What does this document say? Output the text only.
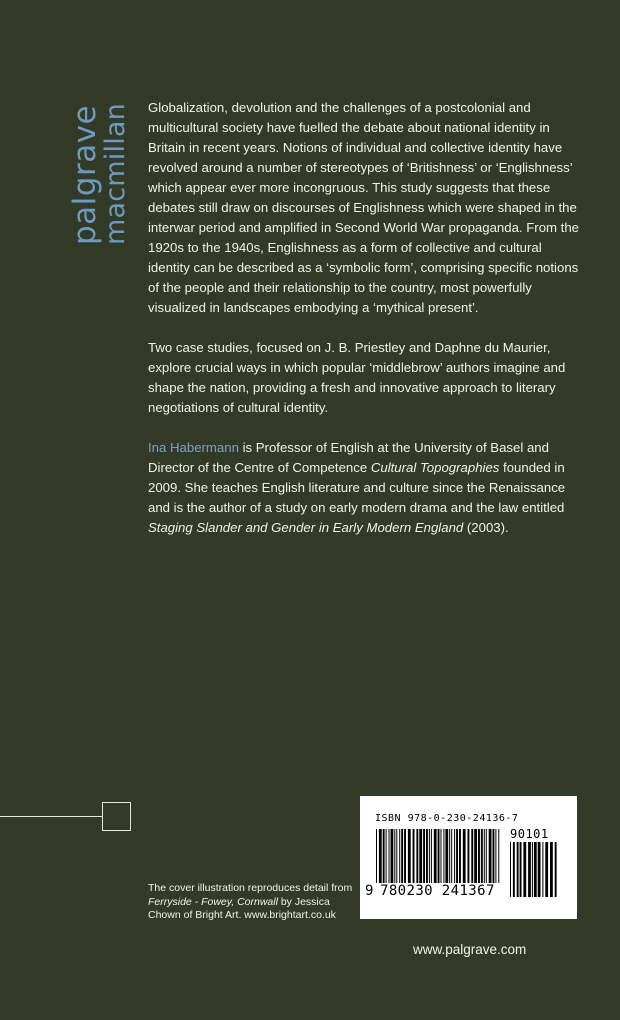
palgrave
macmillan Globalization, devolution and the challenges of a postcolonial and multicultural society have fuelled the debate about national identity in Britain in recent years. Notions of individual and collective identity have revolved around a number of stereotypes of ‘Britishness’ or ‘Englishness’ which appear ever more incongruous. This study suggests that these debates still draw on discourses of Englishness which were shaped in the interwar period and amplified in Second World War propaganda. From the 1920s to the 1940s, Englishness as a form of collective and cultural identity can be described as a ‘symbolic form’, comprising specific notions of the people and their relationship to the country, most powerfully visualized in landscapes embodying a ‘mythical present’.

Two case studies, focused on J. B. Priestley and Daphne du Maurier, explore crucial ways in which popular ‘middlebrow’ authors imagine and shape the nation, providing a fresh and innovative approach to literary negotiations of cultural identity.

Ina Habermann is Professor of English at the University of Basel and Director of the Centre of Competence Cultural Topographies founded in 2009. She teaches English literature and culture since the Renaissance and is the author of a study on early modern drama and the law entitled Staging Slander and Gender in Early Modern England (2003).

The cover illustration reproduces detail from Ferryside - Fowey, Cornwall by Jessica Chown of Bright Art. www.brightart.co.uk
ISBN 978-0-230-24136-7
90101
9 780230 241367
www.palgrave.com
